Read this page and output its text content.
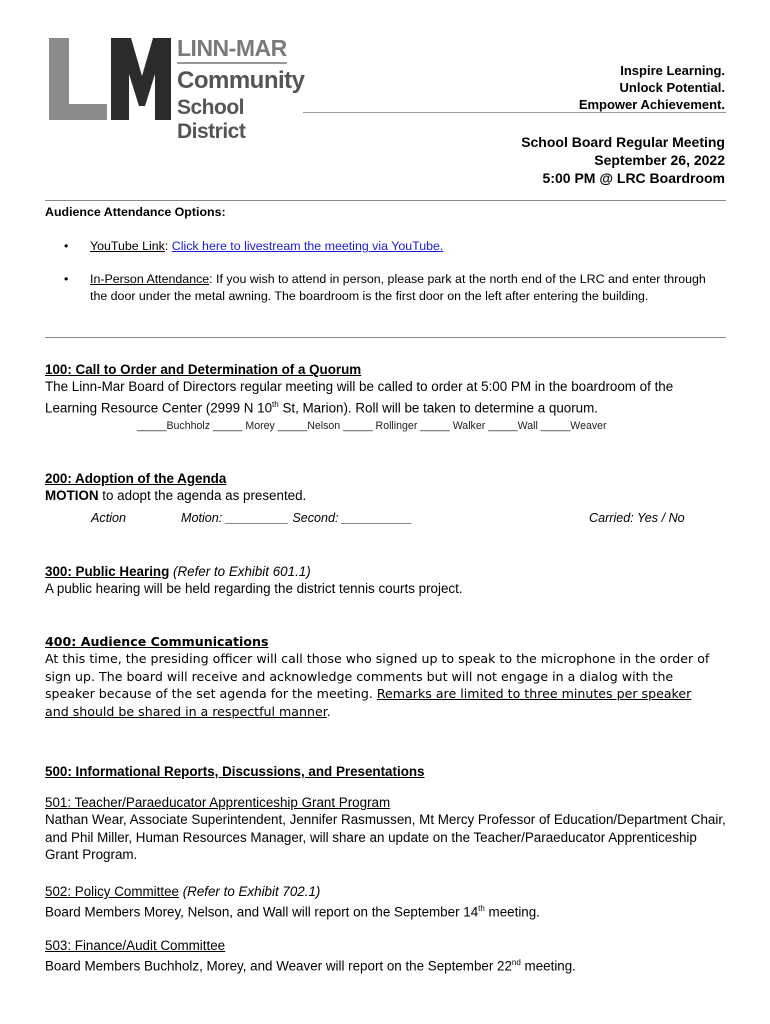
LINN-MAR
Community
School District
Inspire Learning.
Unlock Potential.
Empower Achievement.
School Board Regular Meeting
September 26, 2022
5:00 PM @ LRC Boardroom
Audience Attendance Options:
• YouTube Link: Click here to livestream the meeting via YouTube.
• In-Person Attendance: If you wish to attend in person, please park at the north end of the LRC and enter through the door under the metal awning. The boardroom is the first door on the left after entering the building.
100: Call to Order and Determination of a Quorum
The Linn-Mar Board of Directors regular meeting will be called to order at 5:00 PM in the boardroom of the Learning Resource Center (2999 N 10th St, Marion). Roll will be taken to determine a quorum.
_____Buchholz _____ Morey _____Nelson _____ Rollinger _____ Walker _____Wall _____Weaver
200: Adoption of the Agenda
MOTION to adopt the agenda as presented.
Action	Motion: _________ Second: __________	Carried: Yes / No
300: Public Hearing (Refer to Exhibit 601.1)
A public hearing will be held regarding the district tennis courts project.
400: Audience Communications
At this time, the presiding officer will call those who signed up to speak to the microphone in the order of sign up. The board will receive and acknowledge comments but will not engage in a dialog with the speaker because of the set agenda for the meeting. Remarks are limited to three minutes per speaker and should be shared in a respectful manner.
500: Informational Reports, Discussions, and Presentations
501: Teacher/Paraeducator Apprenticeship Grant Program
Nathan Wear, Associate Superintendent, Jennifer Rasmussen, Mt Mercy Professor of Education/Department Chair, and Phil Miller, Human Resources Manager, will share an update on the Teacher/Paraeducator Apprenticeship Grant Program.
502: Policy Committee (Refer to Exhibit 702.1)
Board Members Morey, Nelson, and Wall will report on the September 14th meeting.
503: Finance/Audit Committee
Board Members Buchholz, Morey, and Weaver will report on the September 22nd meeting.
